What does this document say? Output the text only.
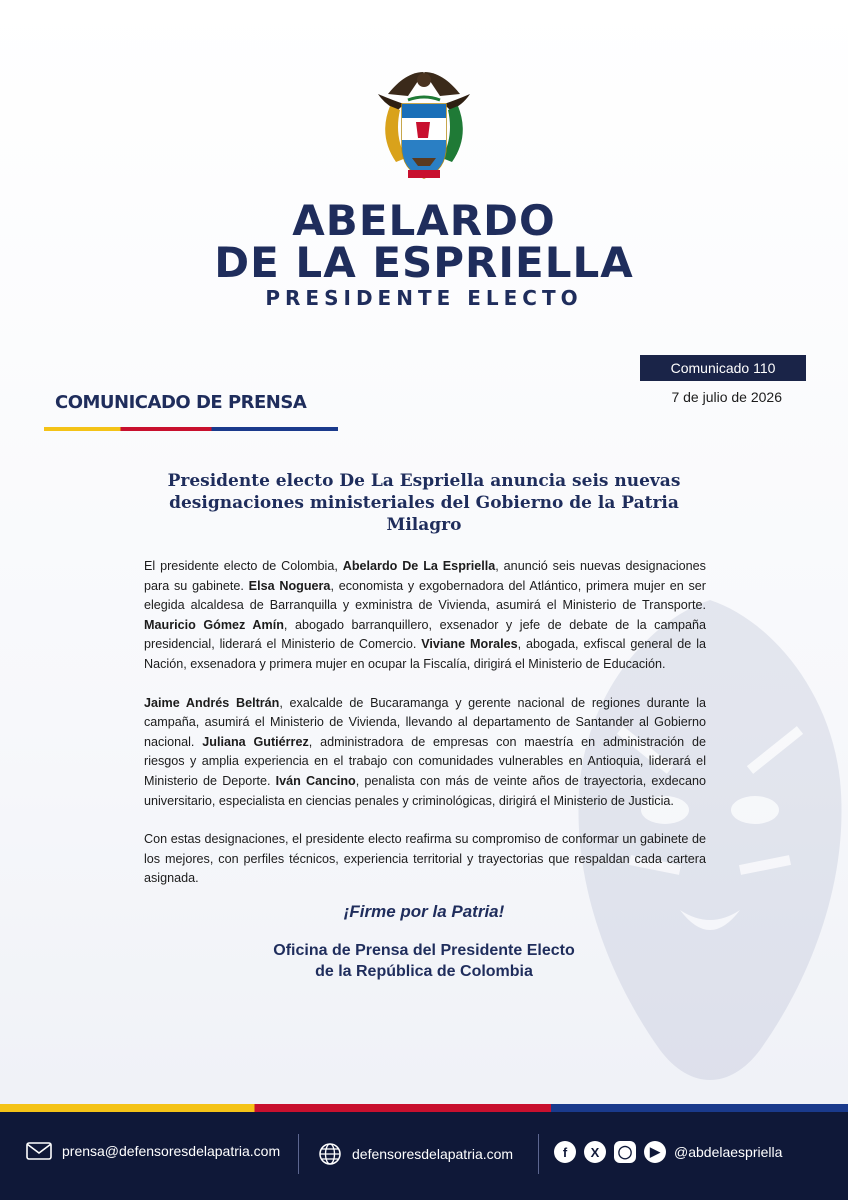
ABELARDO
DE LA ESPRIELLA
PRESIDENTE ELECTO
Comunicado 110
7 de julio de 2026
COMUNICADO DE PRENSA
Presidente electo De La Espriella anuncia seis nuevas designaciones ministeriales del Gobierno de la Patria Milagro

El presidente electo de Colombia, Abelardo De La Espriella, anunció seis nuevas designaciones para su gabinete. Elsa Noguera, economista y exgobernadora del Atlántico, primera mujer en ser elegida alcaldesa de Barranquilla y exministra de Vivienda, asumirá el Ministerio de Transporte. Mauricio Gómez Amín, abogado barranquillero, exsenador y jefe de debate de la campaña presidencial, liderará el Ministerio de Comercio. Viviane Morales, abogada, exfiscal general de la Nación, exsenadora y primera mujer en ocupar la Fiscalía, dirigirá el Ministerio de Educación.

Jaime Andrés Beltrán, exalcalde de Bucaramanga y gerente nacional de regiones durante la campaña, asumirá el Ministerio de Vivienda, llevando al departamento de Santander al Gobierno nacional. Juliana Gutiérrez, administradora de empresas con maestría en administración de riesgos y amplia experiencia en el trabajo con comunidades vulnerables en Antioquia, liderará el Ministerio de Deporte. Iván Cancino, penalista con más de veinte años de trayectoria, exdecano universitario, especialista en ciencias penales y criminológicas, dirigirá el Ministerio de Justicia.

Con estas designaciones, el presidente electo reafirma su compromiso de conformar un gabinete de los mejores, con perfiles técnicos, experiencia territorial y trayectorias que respaldan cada cartera asignada.

¡Firme por la Patria!
Oficina de Prensa del Presidente Electo
de la República de Colombia
prensa@defensoresdelapatria.com	defensoresdelapatria.com	f	X	◯	▶	@abdelaespriella
